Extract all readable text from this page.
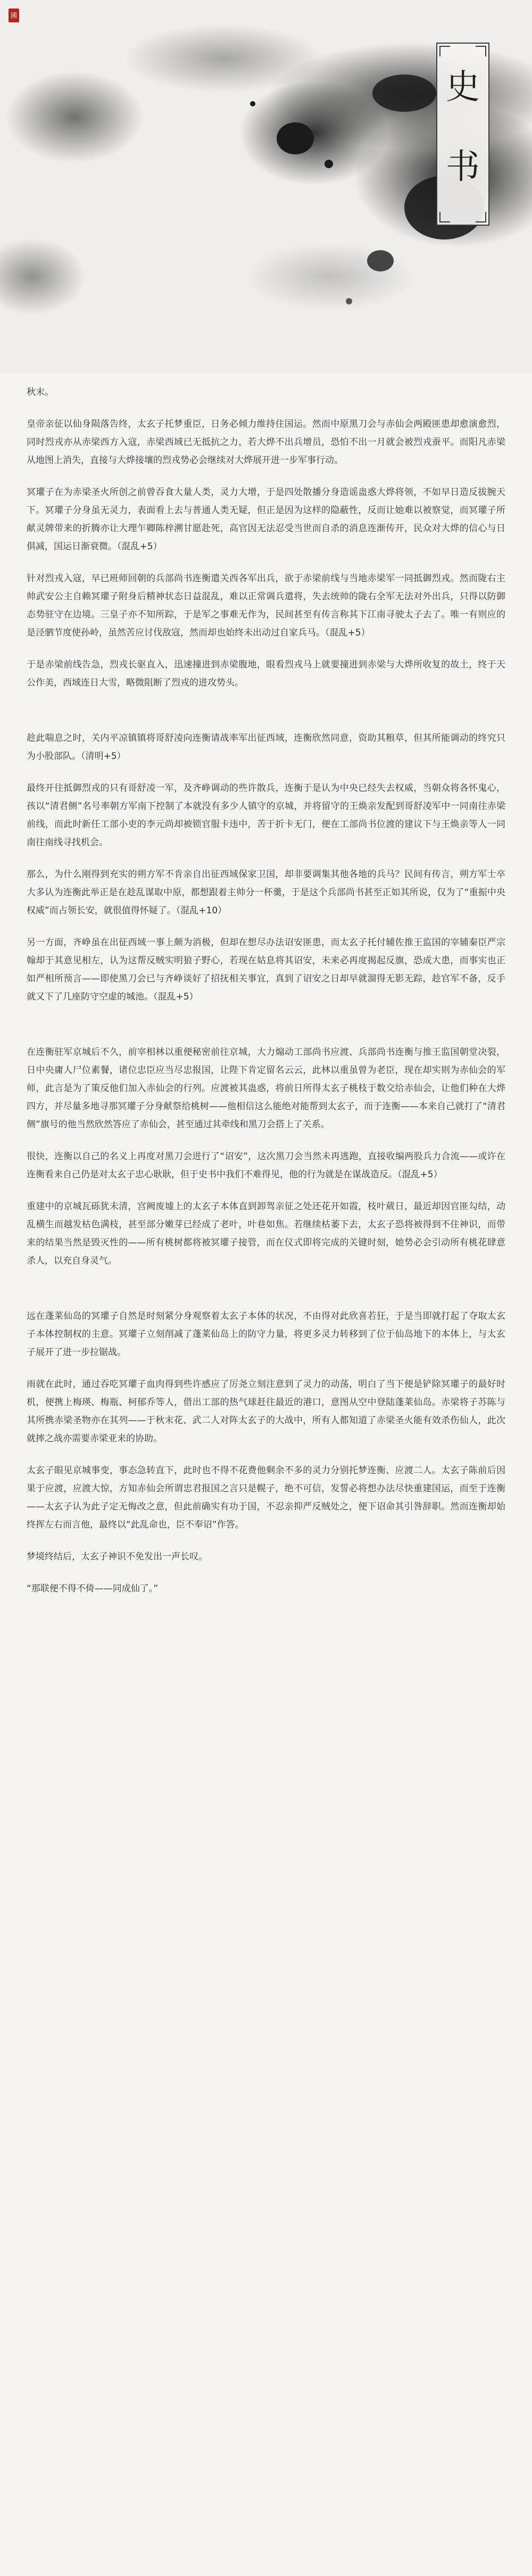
國
史
书

秋末。

皇帝亲征以仙身陨落告终，太玄子托梦重臣，日务必倾力维持住国运。然而中原黑刀会与赤仙会两殿匪患却愈演愈烈，同时烈戎亦从赤梁西方入寇，赤梁西域已无抵抗之力，若大烨不出兵增员，恐怕不出一月就会被烈戎蚕平。而阳凡赤梁从地图上消失，直接与大烨接壤的烈戎势必会继续对大烨展开进一步军事行动。

冥瓘子在为赤梁圣火所创之前曾吞食大量人类，灵力大增，于是四处散播分身造谣蛊惑大烨将领，不如早日造反拔腕天下。冥瓘子分身虽无灵力，表面看上去与普通人类无疑，但正是因为这样的隐蔽性，反而让她难以被察觉，而冥瓘子所献灵牌带来的折腾亦让大理乍卿陈梓溯甘愿赴死，高官因无法忍受当世而自杀的消息连渐传开，民众对大烨的信心与日俱减，国运日渐衰微。（混乱+5）

针对烈戎入寇，早已班师回朝的兵部尚书连衡遣关西各军出兵，欲于赤梁前线与当地赤梁军一同抵御烈戎。然而陇右主帅武安公主自赖冥瓘子附身后精神状态日益混乱，难以正常调兵遣将，失去统帅的陇右全军无法对外出兵，只得以防御态势驻守在边境。三皇子亦不知所踪，于是军之事难无作为，民间甚至有传言称其下江南寻驶太子去了。唯一有则应的是泾驷节度使孙岭，虽然苦应讨伐敌寇，然而却也始终未出动过自家兵马。（混乱+5）

于是赤梁前线告急，烈戎长驱直入，迅速撞进到赤梁腹地，眼看烈戎马上就要撞进到赤梁与大烨所收复的故土，终于天公作美，西域连日大雪，略微阻断了烈戎的进攻势头。

趁此喘息之时，关内平凉镇镇将哥舒凌向连衡请战率军出征西域，连衡欣然同意，资助其粮草，但其所能调动的终究只为小股部队。（清明+5）

最终开往抵御烈戎的只有哥舒凌一军，及齐峥调动的些许散兵，连衡于是认为中央已经失去权威，当朝众将各怀鬼心，孩以“清君侧”名号率朝方军南下控制了本就没有多少人镇守的京城，并将留守的王焕亲发配到哥舒凌军中一同南往赤梁前线，而此时新任工部小吏的李元尚却被锁官服卡违中，苦于折卡无门，便在工部尚书位渡的建议下与王焕亲等人一同南往南线寻找机会。

那么，为什么刚得到充实的朔方军不肯亲自出征西域保家卫国，却非要调集其他各地的兵马？民间有传言，朔方军士卒大多认为连衡此举正是在趁乱谋取中原，都想跟着主帅分一杯羹，于是这个兵部尚书甚至正如其所说，仅为了“重振中央权威”而占领长安，就很值得怀疑了。（混乱+10）

另一方面，齐峥虽在出征西域一事上颇为消极，但却在想尽办法诏安匪患，而太玄子托付辅佐推王监国的宰辅秦臣严宗翰却于其意见相左，认为这帮反贼实明狼子野心，若现在姑息将其诏安，未来必再度揭起反旗，恐成大患，而事实也正如严相所预言——即使黑刀会已与齐峥谈好了招抚相关事宜，真到了诏安之日却早就溜得无影无踪，趁官军不备，反手就又下了几座防守空虚的城池。（混乱+5）

在连衡驻军京城后不久，前宰相林以重便秘密前往京城，大力煽动工部尚书应渡、兵部尚书连衡与推王监国朝堂决裂，日中央庸人尸位素餐，诸位忠臣应当尽忠报国，让陛下肯定留名云云，此林以重虽曾为老臣，现在却实则为赤仙会的军师，此言是为了策反他们加入赤仙会的行列。应渡被其蛊惑，将前日所得太玄子桃枝于数交给赤仙会，让他们种在大烨四方，并尽量多地寻那冥瓘子分身献祭给桃树——他相信这么能绝对能帮到太玄子，而于连衡——本来自己就打了“清君侧”旗号的他当然欣然答应了赤仙会，甚至通过其牵线和黑刀会搭上了关系。

很快，连衡以自己的名义上再度对黑刀会进行了“诏安”，这次黑刀会当然未再逃跑，直接收编两股兵力合流——或许在连衡看来自己仍是对太玄子忠心耿耿，但于史书中我们不难得见，他的行为就是在谋战造反。（混乱+5）

重建中的京城瓦砾犹未清，宫阙废墟上的太玄子本体直到卸驾亲征之处还花开如霞，枝叶葳日，最近却因官匪勾结，动乱横生而越发枯色满枝，甚至部分嫩芽已经成了老叶，叶巷如焦。若继续枯萎下去，太玄子恐将被得到不住神识，而带来的结果当然是毁灭性的——所有桃树都将被冥瓘子接管，而在仪式即将完成的关键时刻，她势必会引动所有桃花肆意杀人，以充自身灵气。

远在蓬莱仙岛的冥瓘子自然是时刻紧分身观察着太玄子本体的状况，不由得对此欣喜若狂，于是当即就打起了夺取太玄子本体控制权的主意。冥瓘子立刻削减了蓬莱仙岛上的防守力量，将更多灵力转移到了位于仙岛地下的本体上，与太玄子展开了进一步拉锯战。

雨就在此时，通过吞吃冥瓘子血肉得到些许感应了厉尧立刻注意到了灵力的动荡，明白了当下便是铲除冥瓘子的最好时机，便携上梅瑛、梅瓶、柯郁乔等人，借出工部的热气球赶往最近的港口，意图从空中登陆蓬莱仙岛。赤梁将子苏陈与其所携赤梁圣物亦在其列——于秋末花、武二人对阵太玄子的大战中，所有人都知道了赤梁圣火能有效杀伤仙人，此次就摔之战亦需要赤梁亚来的协助。

太玄子眼见京城事变，事态急转直下，此时也不得不花费他剩余不多的灵力分别托梦连衡、应渡二人。太玄子陈前后因果于应渡，应渡大惊，方知赤仙会所谓忠君报国之言只是幌子，绝不可信，发誓必将想办法尽快重建国运，而至于连衡——太玄子认为此子定无悔改之意，但此前确实有功于国，不忍亲抑严反贼处之，便下诏命其引咎辞职。然而连衡却始终挥左右而言他，最终以“此乱命也，臣不奉诏”作答。

梦境终结后，太玄子神识不免发出一声长叹。

“那联便不得不倚——同成仙了。”
